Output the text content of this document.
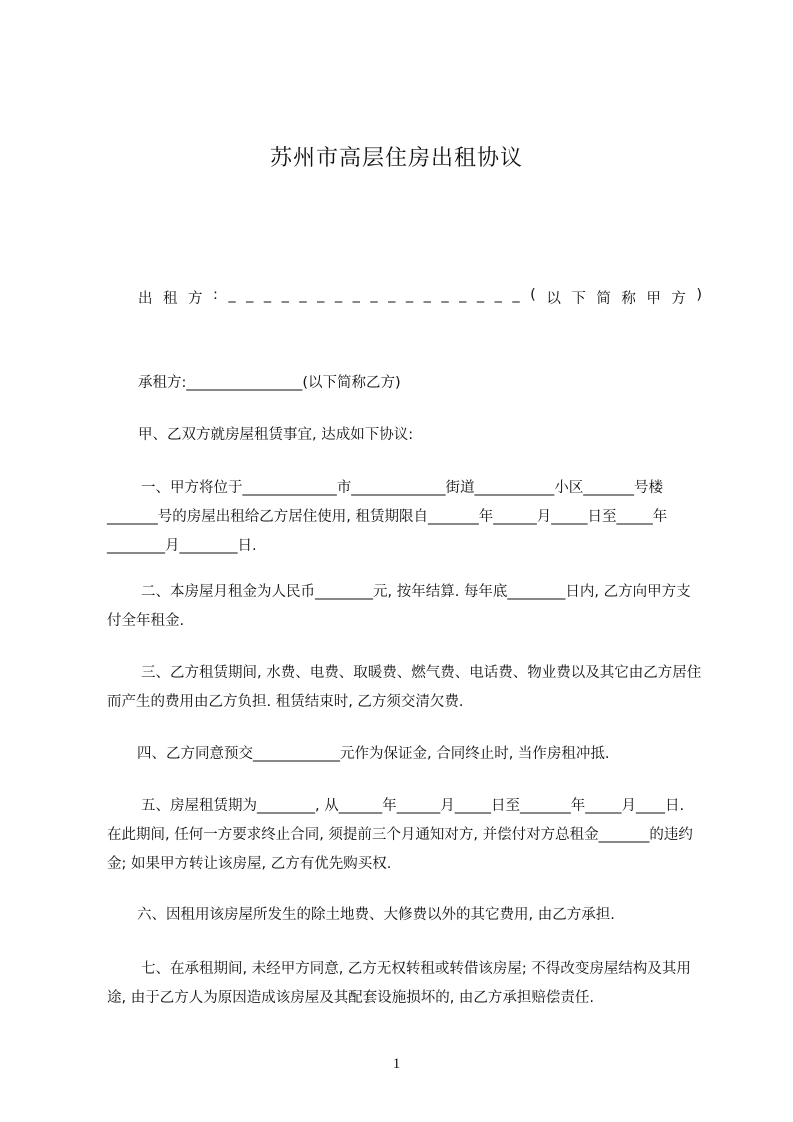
苏州市高层住房出租协议
出 租 方 : _ _ _ _ _ _ _ _ _ _ _ _ _ _ _ _ _ ( 以 下 简 称 甲 方 )
承租方:________________(以下简称乙方)
甲、乙双方就房屋租赁事宜, 达成如下协议:
一、甲方将位于_____________市_____________街道___________小区_______号楼_______号的房屋出租给乙方居住使用, 租赁期限自_______年______月_____日至_____年________月________日.
二、本房屋月租金为人民币________元, 按年结算. 每年底________日内, 乙方向甲方支付全年租金.
三、乙方租赁期间, 水费、电费、取暖费、燃气费、电话费、物业费以及其它由乙方居住而产生的费用由乙方负担. 租赁结束时, 乙方须交清欠费.
四、乙方同意预交____________元作为保证金, 合同终止时, 当作房租冲抵.
五、房屋租赁期为________, 从______年______月_____日至_______年_____月____日. 在此期间, 任何一方要求终止合同, 须提前三个月通知对方, 并偿付对方总租金_______的违约金; 如果甲方转让该房屋, 乙方有优先购买权.
六、因租用该房屋所发生的除土地费、大修费以外的其它费用, 由乙方承担.
七、在承租期间, 未经甲方同意, 乙方无权转租或转借该房屋; 不得改变房屋结构及其用途, 由于乙方人为原因造成该房屋及其配套设施损坏的, 由乙方承担赔偿责任.
1
